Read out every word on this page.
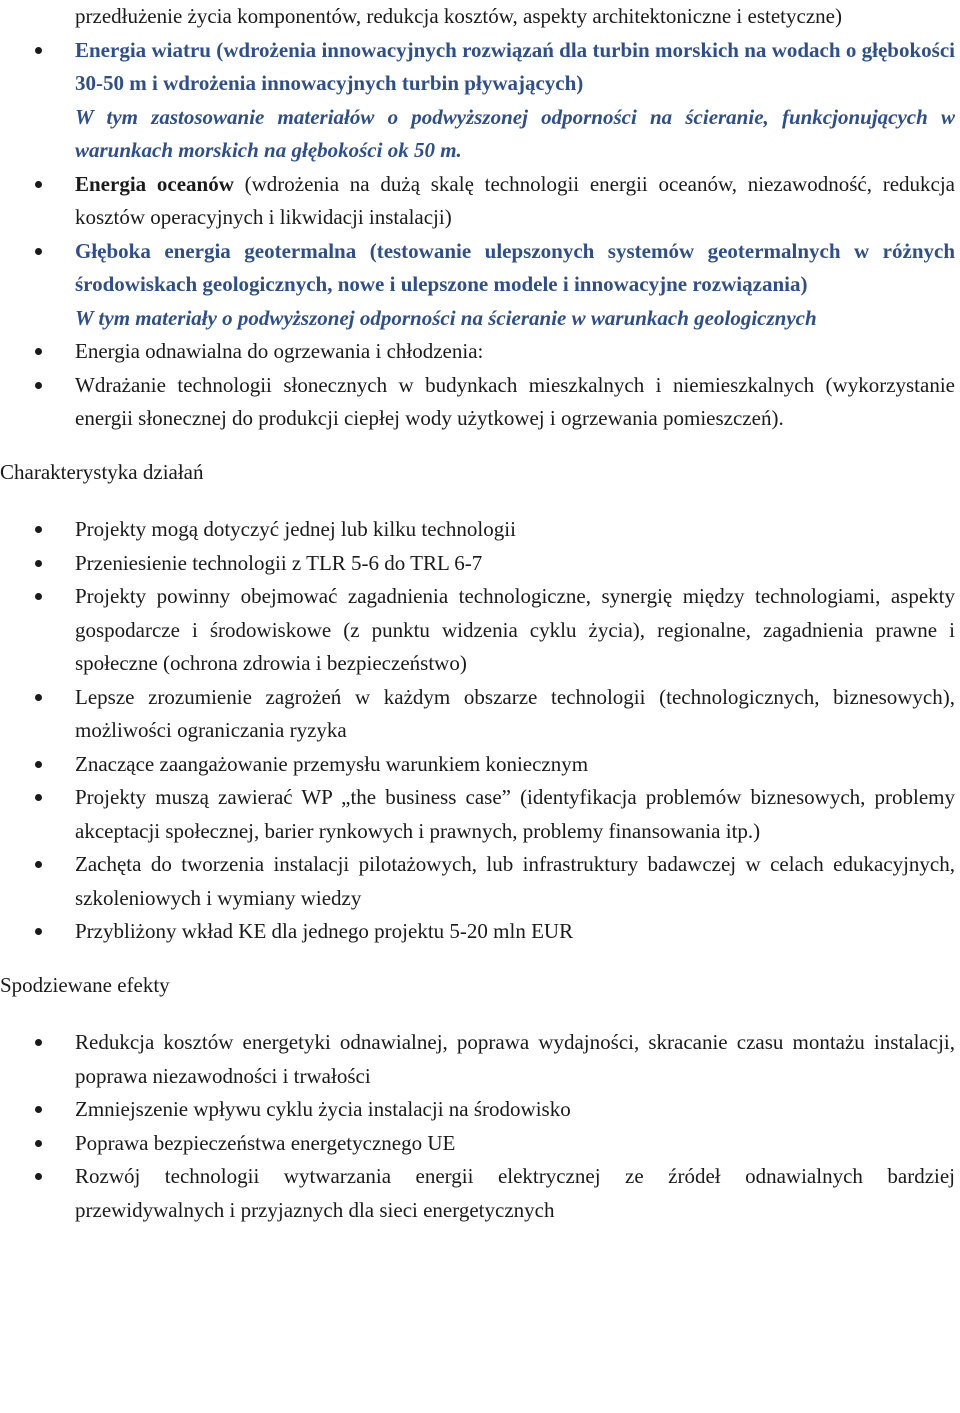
przedłużenie życia komponentów, redukcja kosztów, aspekty architektoniczne i estetyczne)

Energia wiatru (wdrożenia innowacyjnych rozwiązań dla turbin morskich na wodach o głębokości 30-50 m i wdrożenia innowacyjnych turbin pływających)
W tym zastosowanie materiałów o podwyższonej odporności na ścieranie, funkcjonujących w warunkach morskich na głębokości ok 50 m.
Energia oceanów (wdrożenia na dużą skalę technologii energii oceanów, niezawodność, redukcja kosztów operacyjnych i likwidacji instalacji)
Głęboka energia geotermalna (testowanie ulepszonych systemów geotermalnych w różnych środowiskach geologicznych, nowe i ulepszone modele i innowacyjne rozwiązania)
W tym materiały o podwyższonej odporności na ścieranie w warunkach geologicznych
Energia odnawialna do ogrzewania i chłodzenia:
Wdrażanie technologii słonecznych w budynkach mieszkalnych i niemieszkalnych (wykorzystanie energii słonecznej do produkcji ciepłej wody użytkowej i ogrzewania pomieszczeń).

Charakterystyka działań

Projekty mogą dotyczyć jednej lub kilku technologii
Przeniesienie technologii z TLR 5-6 do TRL 6-7
Projekty powinny obejmować zagadnienia technologiczne, synergię między technologiami, aspekty gospodarcze i środowiskowe (z punktu widzenia cyklu życia), regionalne, zagadnienia prawne i społeczne (ochrona zdrowia i bezpieczeństwo)
Lepsze zrozumienie zagrożeń w każdym obszarze technologii (technologicznych, biznesowych), możliwości ograniczania ryzyka
Znaczące zaangażowanie przemysłu warunkiem koniecznym
Projekty muszą zawierać WP „the business case” (identyfikacja problemów biznesowych, problemy akceptacji społecznej, barier rynkowych i prawnych, problemy finansowania itp.)
Zachęta do tworzenia instalacji pilotażowych, lub infrastruktury badawczej w celach edukacyjnych, szkoleniowych i wymiany wiedzy
Przybliżony wkład KE dla jednego projektu 5-20 mln EUR

Spodziewane efekty

Redukcja kosztów energetyki odnawialnej, poprawa wydajności, skracanie czasu montażu instalacji, poprawa niezawodności i trwałości
Zmniejszenie wpływu cyklu życia instalacji na środowisko
Poprawa bezpieczeństwa energetycznego UE
Rozwój technologii wytwarzania energii elektrycznej ze źródeł odnawialnych bardziej przewidywalnych i przyjaznych dla sieci energetycznych
